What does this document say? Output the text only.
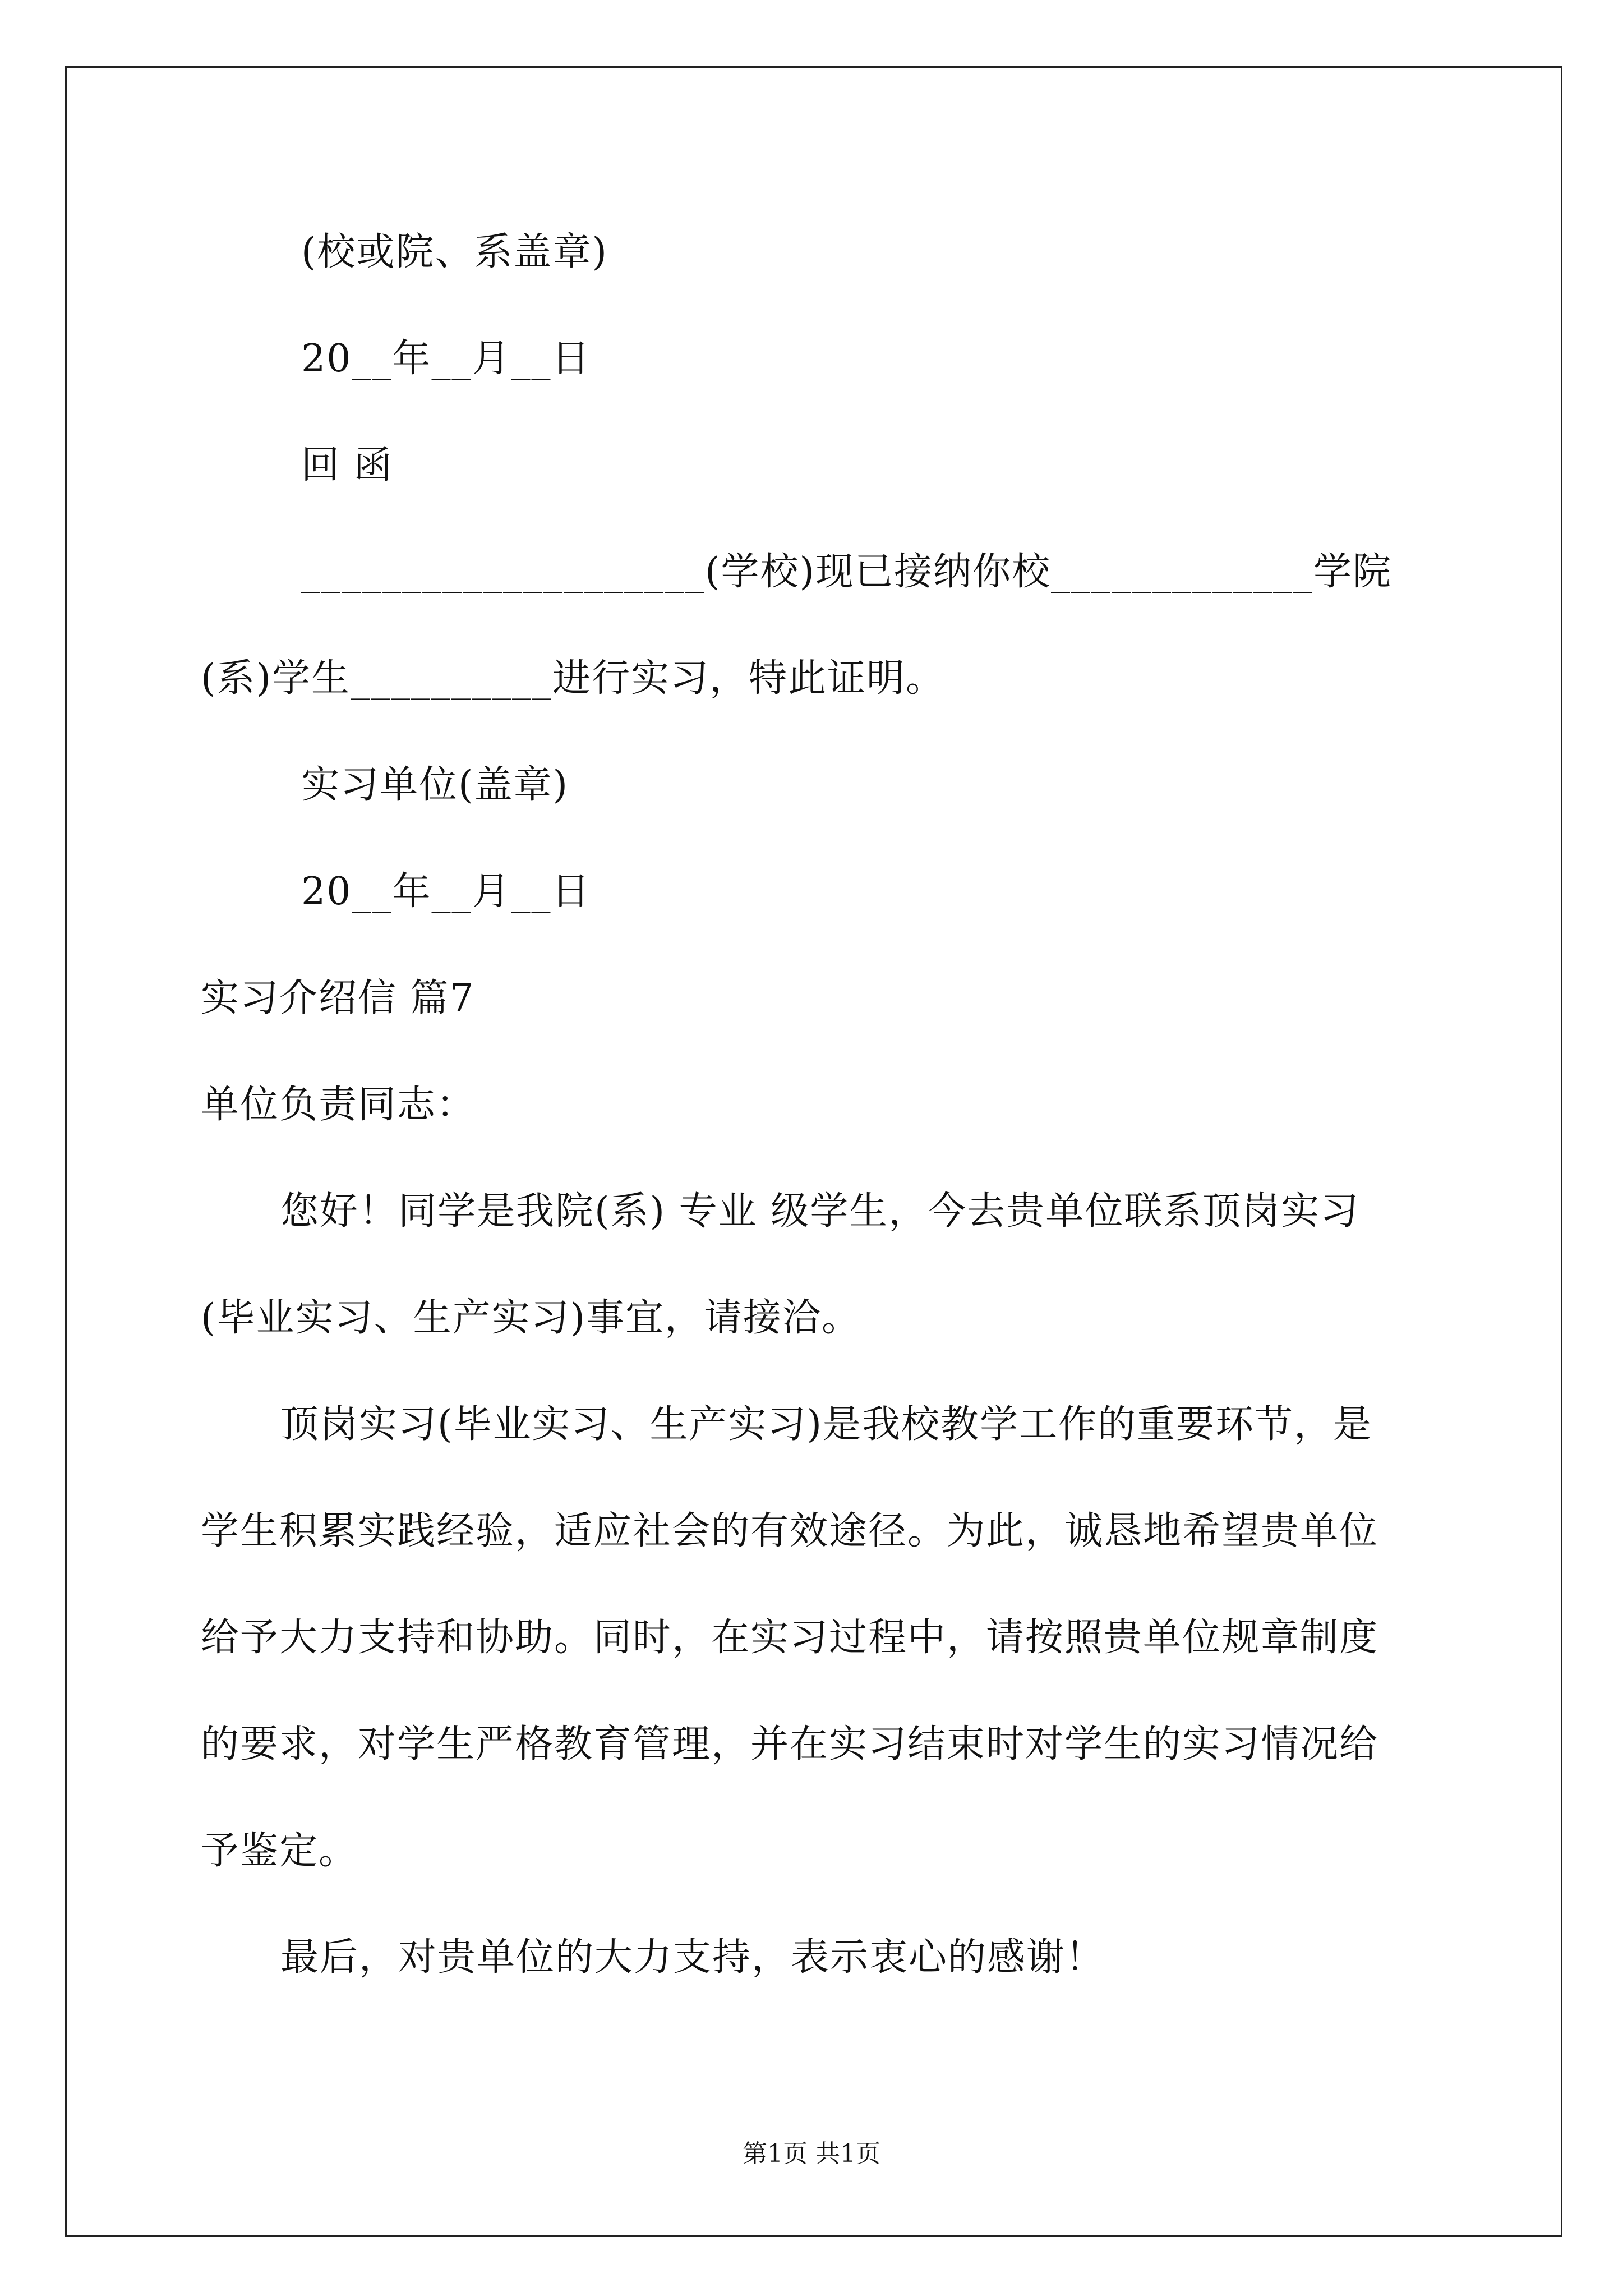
(校或院、系盖章)
20__年__月__日
回 函
____________________(学校)现已接纳你校_____________学院
(系)学生__________进行实习，特此证明。
实习单位(盖章)
20__年__月__日
实习介绍信 篇7
单位负责同志：
您好！同学是我院(系) 专业 级学生，今去贵单位联系顶岗实习
(毕业实习、生产实习)事宜，请接洽。
顶岗实习(毕业实习、生产实习)是我校教学工作的重要环节，是
学生积累实践经验，适应社会的有效途径。为此，诚恳地希望贵单位
给予大力支持和协助。同时，在实习过程中，请按照贵单位规章制度
的要求，对学生严格教育管理，并在实习结束时对学生的实习情况给
予鉴定。
最后，对贵单位的大力支持，表示衷心的感谢！
第1页 共1页
